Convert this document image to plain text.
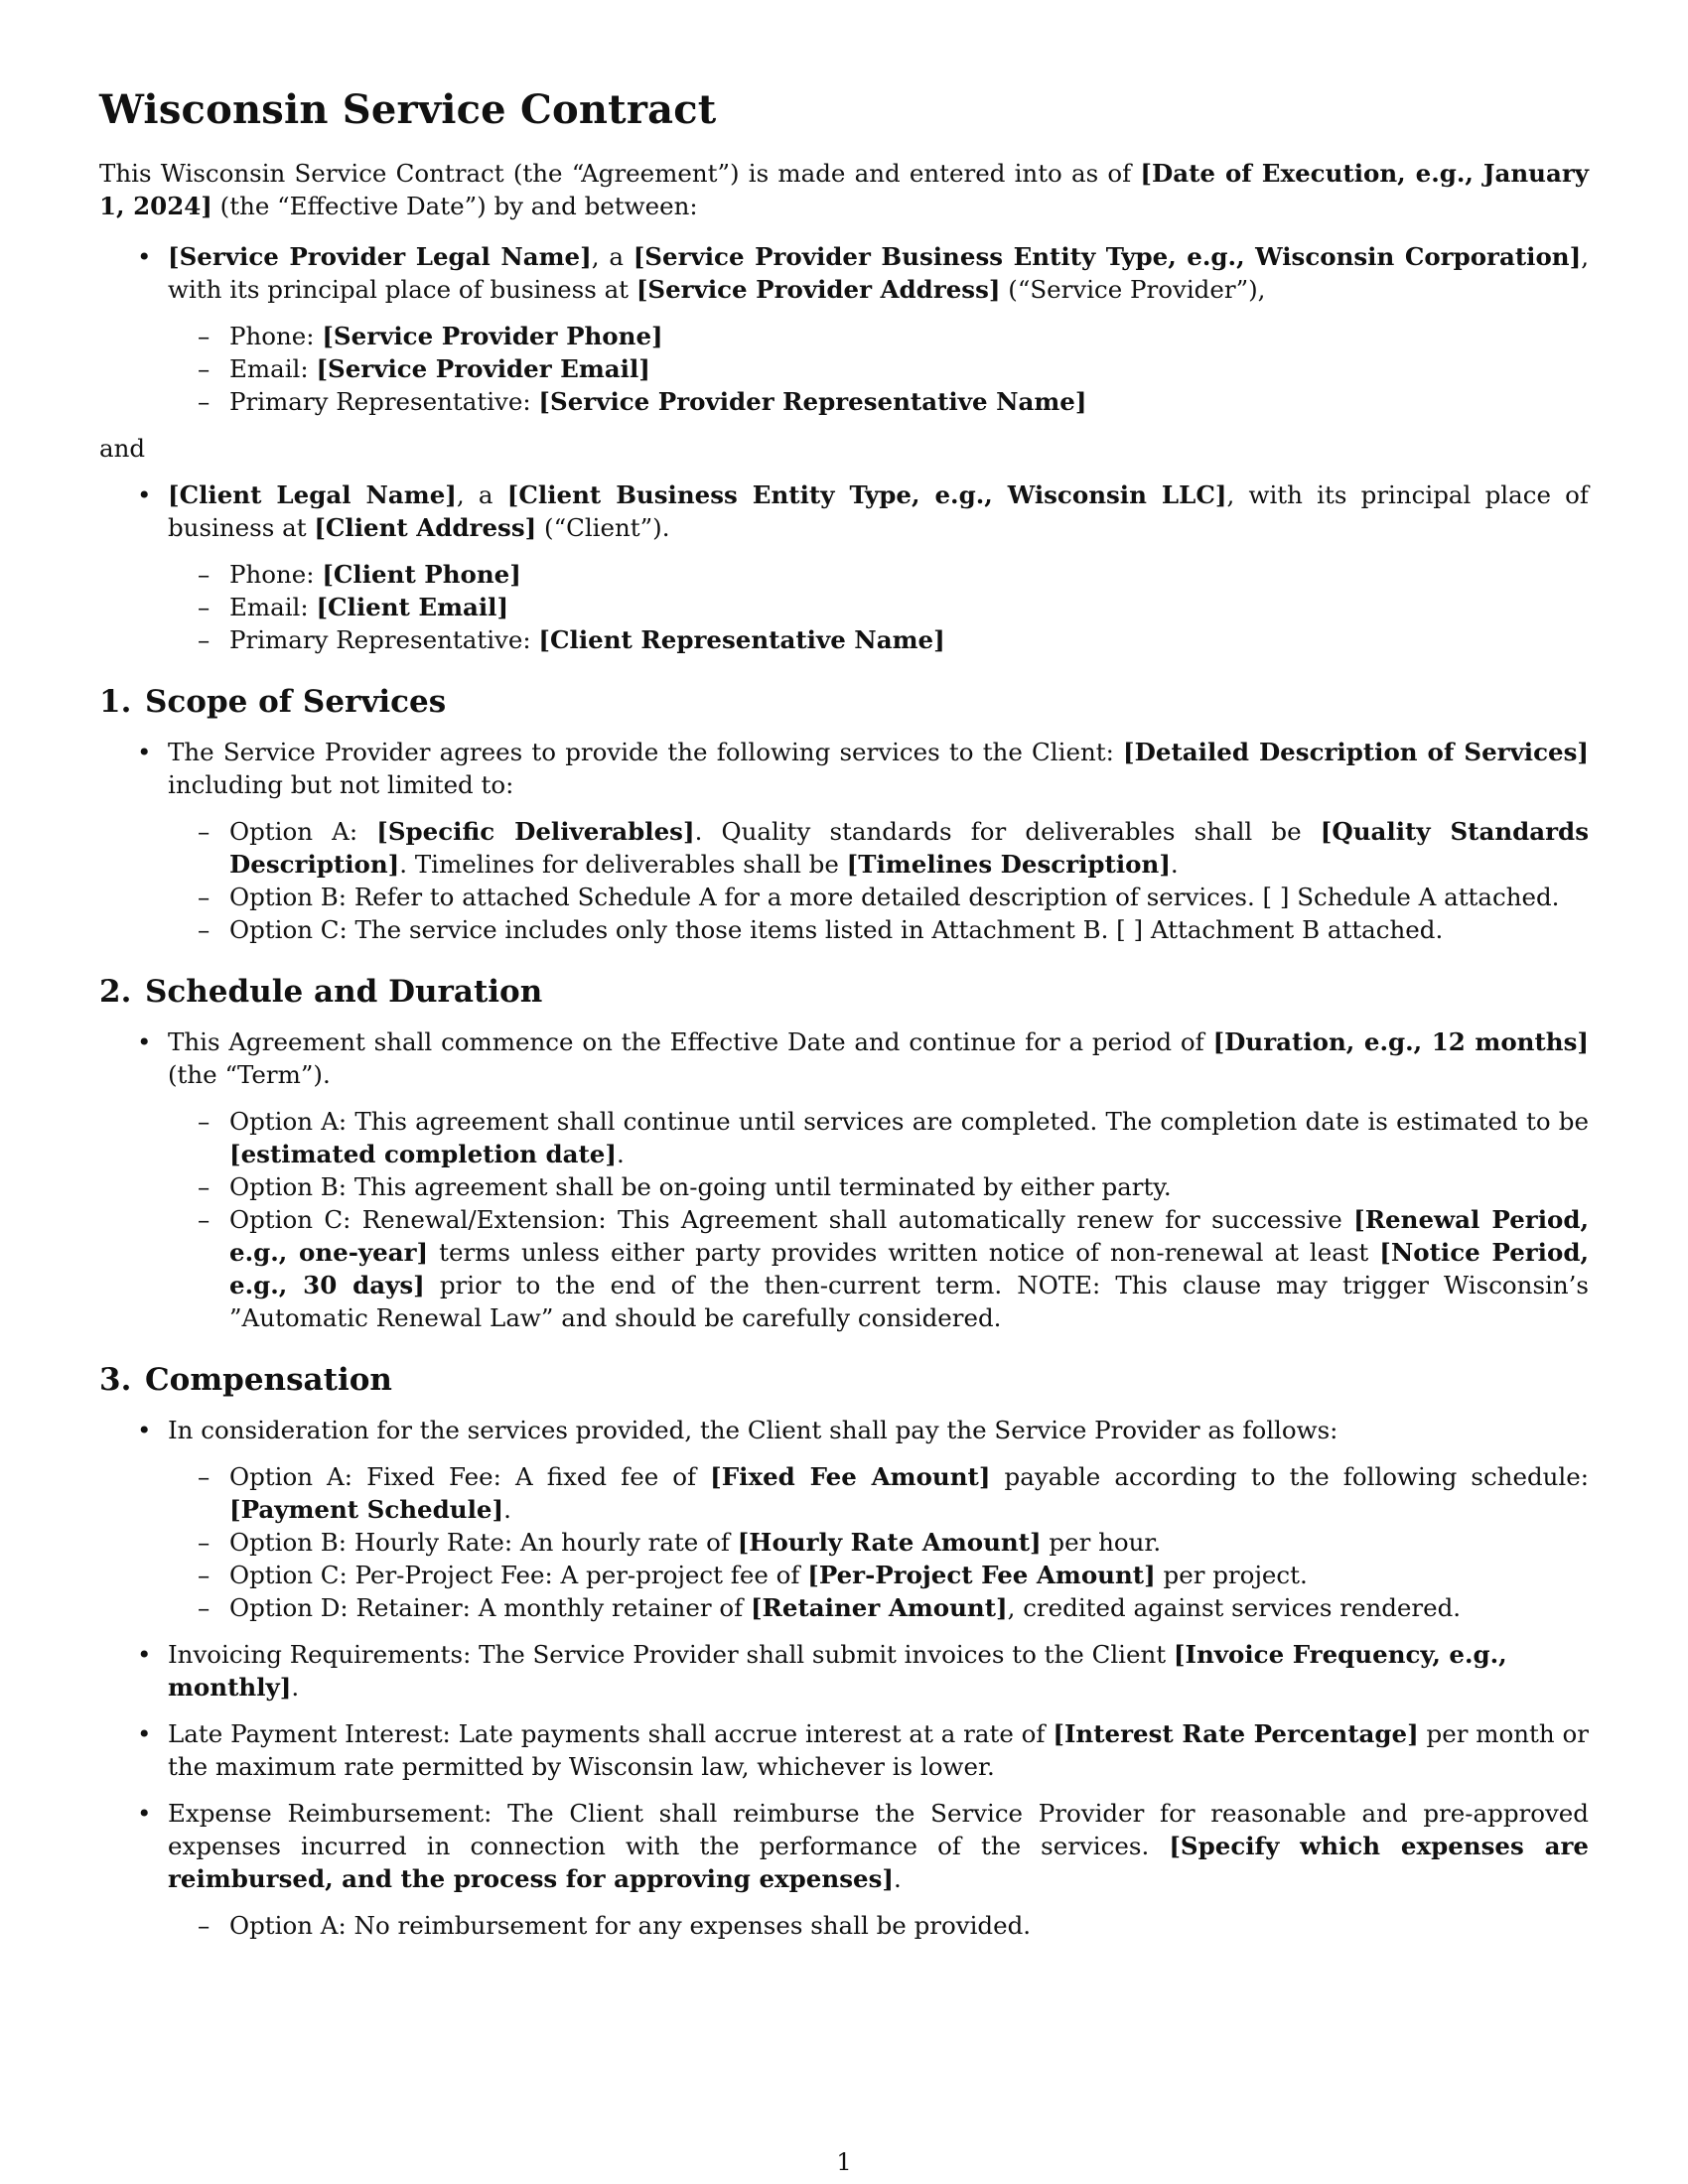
Wisconsin Service Contract

This Wisconsin Service Contract (the “Agreement”) is made and entered into as of [Date of Execution, e.g., January 1, 2024] (the “Effective Date”) by and between:

• [Service Provider Legal Name], a [Service Provider Business Entity Type, e.g., Wisconsin Corporation], with its principal place of business at [Service Provider Address] (“Service Provider”),
– Phone: [Service Provider Phone]
– Email: [Service Provider Email]
– Primary Representative: [Service Provider Representative Name]

and

• [Client Legal Name], a [Client Business Entity Type, e.g., Wisconsin LLC], with its principal place of business at [Client Address] (“Client”).
– Phone: [Client Phone]
– Email: [Client Email]
– Primary Representative: [Client Representative Name]
1. Scope of Services
• The Service Provider agrees to provide the following services to the Client: [Detailed Description of Services] including but not limited to:
– Option A: [Specific Deliverables]. Quality standards for deliverables shall be [Quality Standards Description]. Timelines for deliverables shall be [Timelines Description].
– Option B: Refer to attached Schedule A for a more detailed description of services. [ ] Schedule A attached.
– Option C: The service includes only those items listed in Attachment B. [ ] Attachment B attached.
2. Schedule and Duration
• This Agreement shall commence on the Effective Date and continue for a period of [Duration, e.g., 12 months] (the “Term”).
– Option A: This agreement shall continue until services are completed. The completion date is estimated to be [estimated completion date].
– Option B: This agreement shall be on-going until terminated by either party.
– Option C: Renewal/Extension: This Agreement shall automatically renew for successive [Renewal Period, e.g., one-year] terms unless either party provides written notice of non-renewal at least [Notice Period, e.g., 30 days] prior to the end of the then-current term. NOTE: This clause may trigger Wisconsin’s ”Automatic Renewal Law” and should be carefully considered.
3. Compensation
• In consideration for the services provided, the Client shall pay the Service Provider as follows:
– Option A: Fixed Fee: A fixed fee of [Fixed Fee Amount] payable according to the following schedule: [Payment Schedule].
– Option B: Hourly Rate: An hourly rate of [Hourly Rate Amount] per hour.
– Option C: Per-Project Fee: A per-project fee of [Per-Project Fee Amount] per project.
– Option D: Retainer: A monthly retainer of [Retainer Amount], credited against services rendered.
• Invoicing Requirements: The Service Provider shall submit invoices to the Client [Invoice Frequency, e.g., monthly].
• Late Payment Interest: Late payments shall accrue interest at a rate of [Interest Rate Percentage] per month or the maximum rate permitted by Wisconsin law, whichever is lower.
• Expense Reimbursement: The Client shall reimburse the Service Provider for reasonable and pre-approved expenses incurred in connection with the performance of the services. [Specify which expenses are reimbursed, and the process for approving expenses].
– Option A: No reimbursement for any expenses shall be provided.
1
